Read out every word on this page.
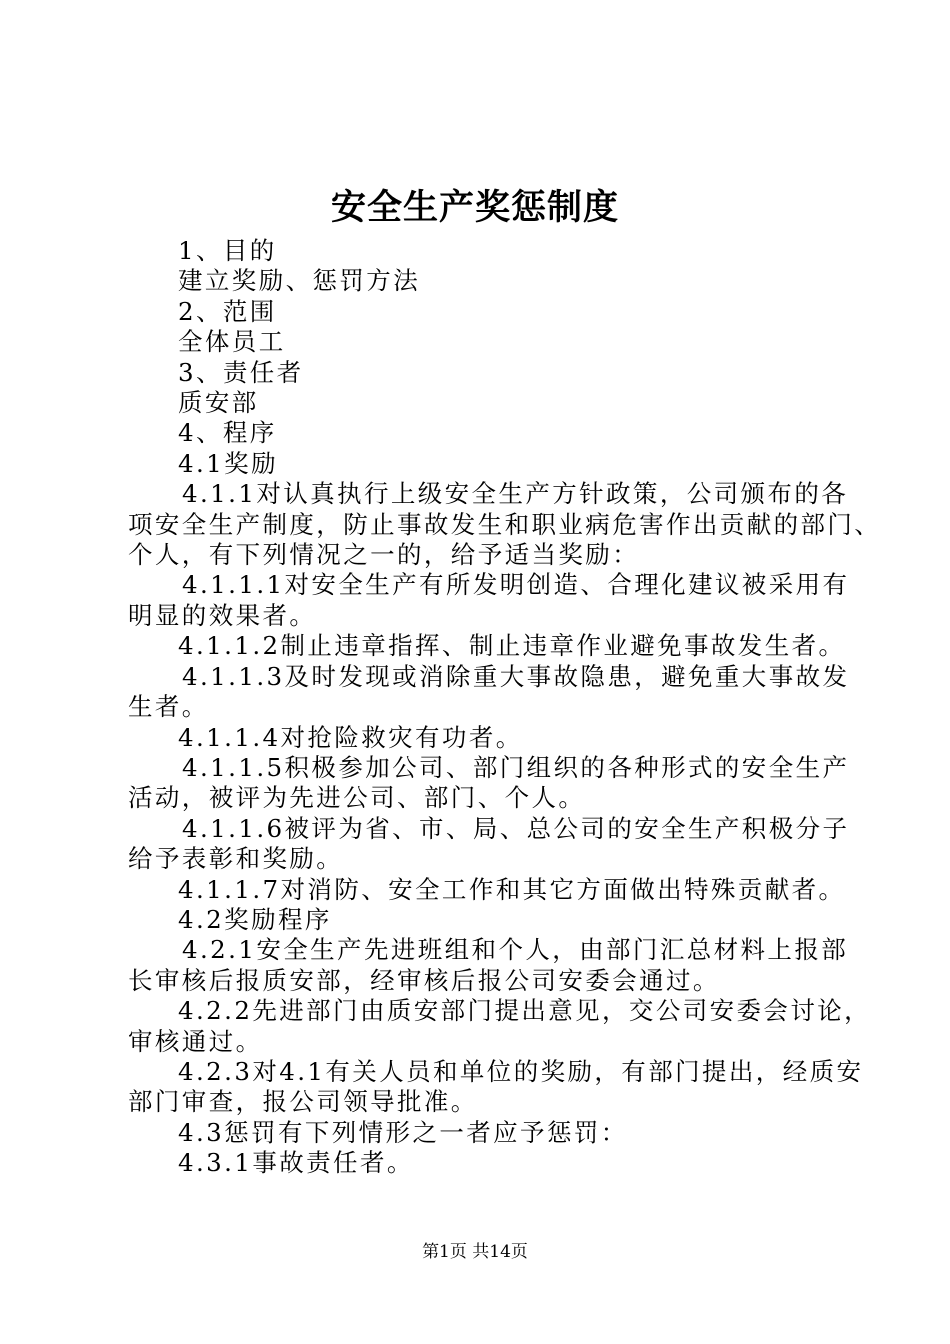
安全生产奖惩制度

1、目的

建立奖励、惩罚方法

2、范围

全体员工

3、责任者

质安部

4、程序

4.1奖励

4.1.1对认真执行上级安全生产方针政策，公司颁布的各

项安全生产制度，防止事故发生和职业病危害作出贡献的部门、

个人，有下列情况之一的，给予适当奖励：

4.1.1.1对安全生产有所发明创造、合理化建议被采用有

明显的效果者。

4.1.1.2制止违章指挥、制止违章作业避免事故发生者。

4.1.1.3及时发现或消除重大事故隐患，避免重大事故发

生者。

4.1.1.4对抢险救灾有功者。

4.1.1.5积极参加公司、部门组织的各种形式的安全生产

活动，被评为先进公司、部门、个人。

4.1.1.6被评为省、市、局、总公司的安全生产积极分子

给予表彰和奖励。

4.1.1.7对消防、安全工作和其它方面做出特殊贡献者。

4.2奖励程序

4.2.1安全生产先进班组和个人，由部门汇总材料上报部

长审核后报质安部，经审核后报公司安委会通过。

4.2.2先进部门由质安部门提出意见，交公司安委会讨论，

审核通过。

4.2.3对4.1有关人员和单位的奖励，有部门提出，经质安

部门审查，报公司领导批准。

4.3惩罚有下列情形之一者应予惩罚：

4.3.1事故责任者。

第1页 共14页
